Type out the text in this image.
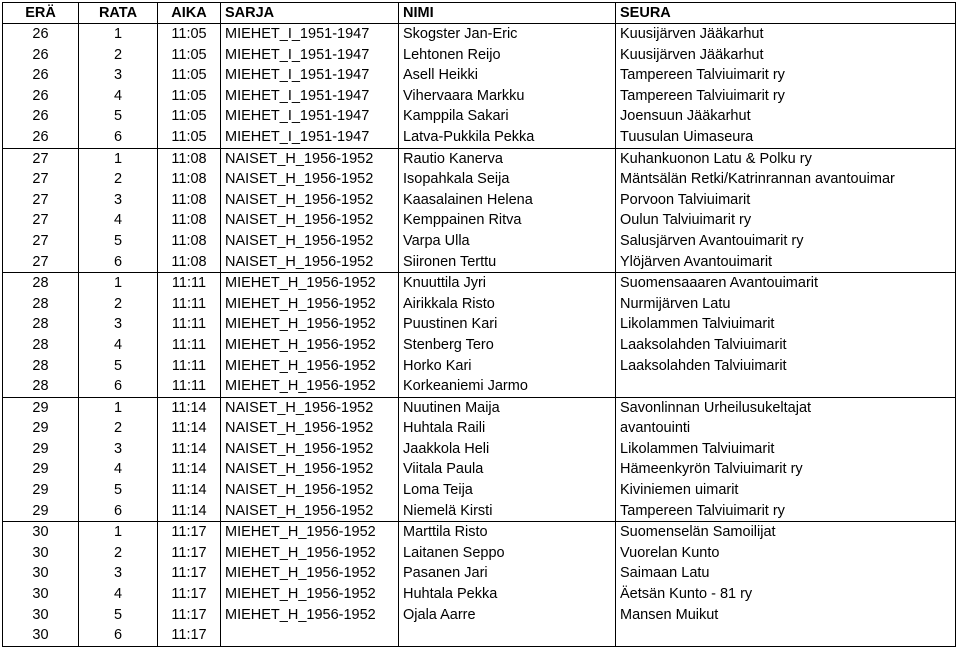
ERÄ	RATA	AIKA	SARJA	NIMI	SEURA
26	1	11:05	MIEHET_I_1951-1947	Skogster Jan-Eric	Kuusijärven Jääkarhut
26	2	11:05	MIEHET_I_1951-1947	Lehtonen Reijo	Kuusijärven Jääkarhut
26	3	11:05	MIEHET_I_1951-1947	Asell Heikki	Tampereen Talviuimarit ry
26	4	11:05	MIEHET_I_1951-1947	Vihervaara Markku	Tampereen Talviuimarit ry
26	5	11:05	MIEHET_I_1951-1947	Kamppila Sakari	Joensuun Jääkarhut
26	6	11:05	MIEHET_I_1951-1947	Latva-Pukkila Pekka	Tuusulan Uimaseura
27	1	11:08	NAISET_H_1956-1952	Rautio Kanerva	Kuhankuonon Latu & Polku ry
27	2	11:08	NAISET_H_1956-1952	Isopahkala Seija	Mäntsälän Retki/Katrinrannan avantouimar
27	3	11:08	NAISET_H_1956-1952	Kaasalainen Helena	Porvoon Talviuimarit
27	4	11:08	NAISET_H_1956-1952	Kemppainen Ritva	Oulun Talviuimarit ry
27	5	11:08	NAISET_H_1956-1952	Varpa Ulla	Salusjärven Avantouimarit ry
27	6	11:08	NAISET_H_1956-1952	Siironen Terttu	Ylöjärven Avantouimarit
28	1	11:11	MIEHET_H_1956-1952	Knuuttila Jyri	Suomensaaaren Avantouimarit
28	2	11:11	MIEHET_H_1956-1952	Airikkala Risto	Nurmijärven Latu
28	3	11:11	MIEHET_H_1956-1952	Puustinen Kari	Likolammen Talviuimarit
28	4	11:11	MIEHET_H_1956-1952	Stenberg Tero	Laaksolahden Talviuimarit
28	5	11:11	MIEHET_H_1956-1952	Horko Kari	Laaksolahden Talviuimarit
28	6	11:11	MIEHET_H_1956-1952	Korkeaniemi Jarmo	
29	1	11:14	NAISET_H_1956-1952	Nuutinen Maija	Savonlinnan Urheilusukeltajat
29	2	11:14	NAISET_H_1956-1952	Huhtala Raili	avantouinti
29	3	11:14	NAISET_H_1956-1952	Jaakkola Heli	Likolammen Talviuimarit
29	4	11:14	NAISET_H_1956-1952	Viitala Paula	Hämeenkyrön Talviuimarit ry
29	5	11:14	NAISET_H_1956-1952	Loma Teija	Kiviniemen uimarit
29	6	11:14	NAISET_H_1956-1952	Niemelä Kirsti	Tampereen Talviuimarit ry
30	1	11:17	MIEHET_H_1956-1952	Marttila Risto	Suomenselän Samoilijat
30	2	11:17	MIEHET_H_1956-1952	Laitanen Seppo	Vuorelan Kunto
30	3	11:17	MIEHET_H_1956-1952	Pasanen Jari	Saimaan Latu
30	4	11:17	MIEHET_H_1956-1952	Huhtala Pekka	Äetsän Kunto - 81 ry
30	5	11:17	MIEHET_H_1956-1952	Ojala Aarre	Mansen Muikut
30	6	11:17			
